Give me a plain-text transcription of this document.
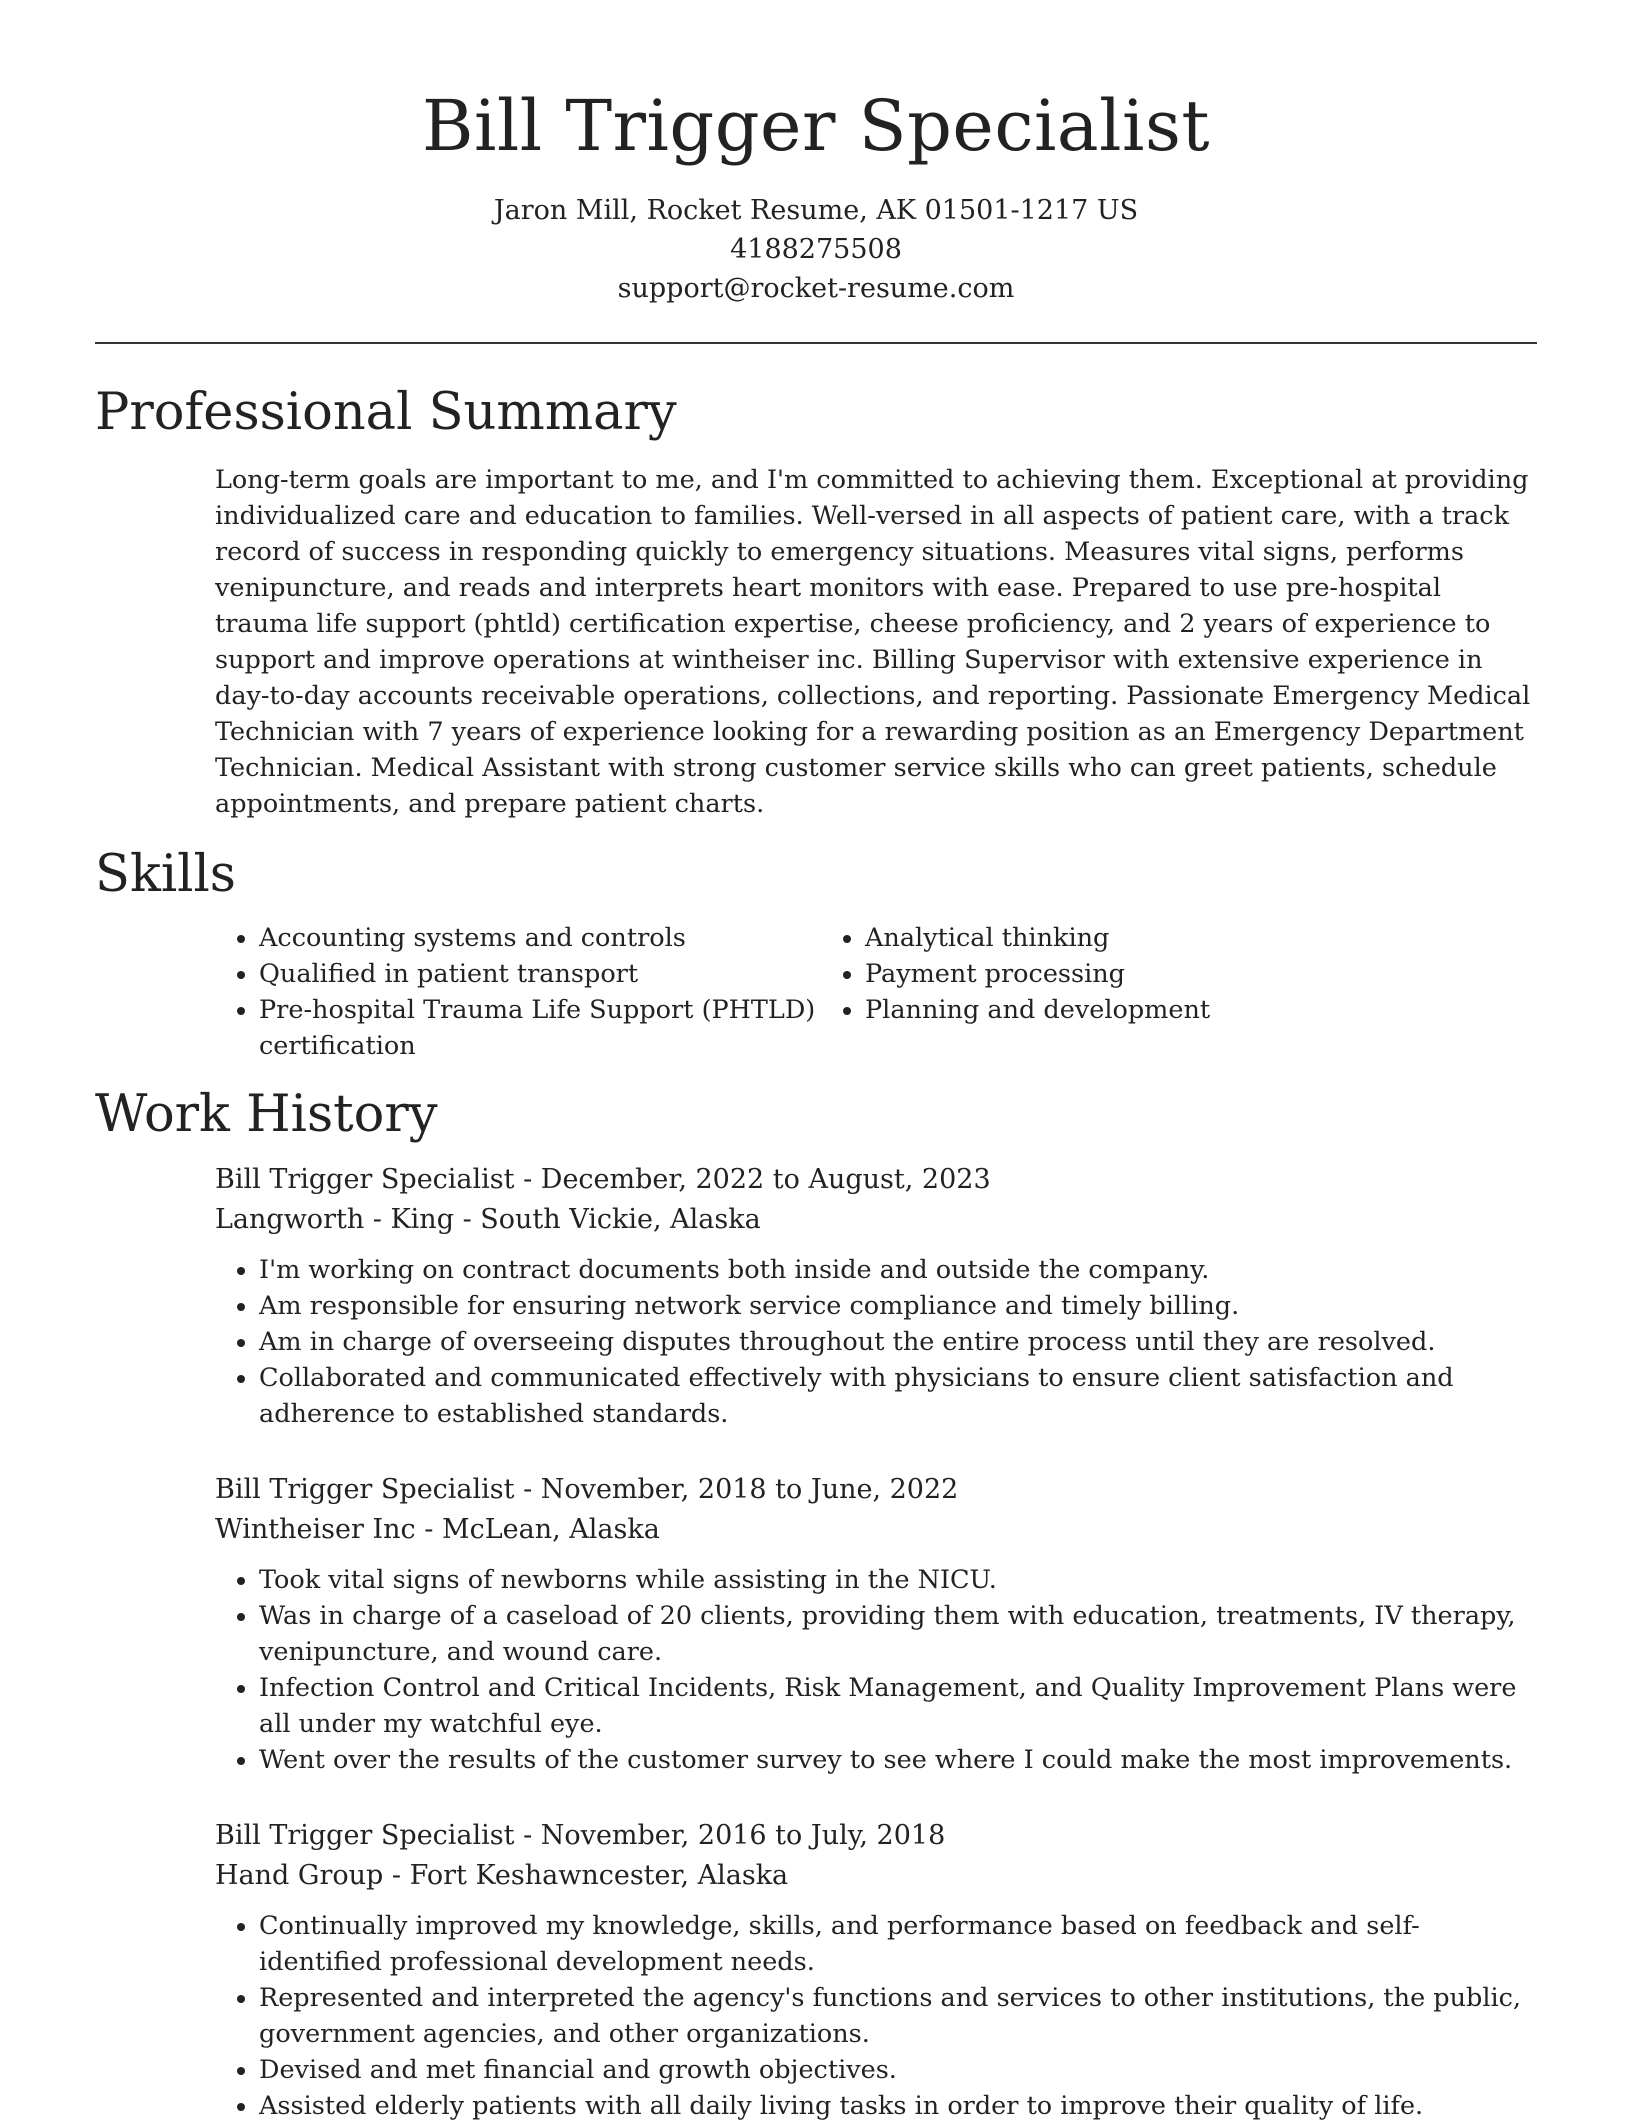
Bill Trigger Specialist
Jaron Mill, Rocket Resume, AK 01501-1217 US
4188275508
support@rocket-resume.com
Professional Summary
Long-term goals are important to me, and I'm committed to achieving them. Exceptional at providing individualized care and education to families. Well-versed in all aspects of patient care, with a track record of success in responding quickly to emergency situations. Measures vital signs, performs venipuncture, and reads and interprets heart monitors with ease. Prepared to use pre-hospital trauma life support (phtld) certification expertise, cheese proficiency, and 2 years of experience to support and improve operations at wintheiser inc. Billing Supervisor with extensive experience in day-to-day accounts receivable operations, collections, and reporting. Passionate Emergency Medical Technician with 7 years of experience looking for a rewarding position as an Emergency Department Technician. Medical Assistant with strong customer service skills who can greet patients, schedule appointments, and prepare patient charts.
Skills
• Accounting systems and controls
• Qualified in patient transport
• Pre-hospital Trauma Life Support (PHTLD) certification
• Analytical thinking
• Payment processing
• Planning and development
Work History
Bill Trigger Specialist - December, 2022 to August, 2023
Langworth - King - South Vickie, Alaska
• I'm working on contract documents both inside and outside the company.
• Am responsible for ensuring network service compliance and timely billing.
• Am in charge of overseeing disputes throughout the entire process until they are resolved.
• Collaborated and communicated effectively with physicians to ensure client satisfaction and adherence to established standards.
Bill Trigger Specialist - November, 2018 to June, 2022
Wintheiser Inc - McLean, Alaska
• Took vital signs of newborns while assisting in the NICU.
• Was in charge of a caseload of 20 clients, providing them with education, treatments, IV therapy, venipuncture, and wound care.
• Infection Control and Critical Incidents, Risk Management, and Quality Improvement Plans were all under my watchful eye.
• Went over the results of the customer survey to see where I could make the most improvements.
Bill Trigger Specialist - November, 2016 to July, 2018
Hand Group - Fort Keshawncester, Alaska
• Continually improved my knowledge, skills, and performance based on feedback and self-identified professional development needs.
• Represented and interpreted the agency's functions and services to other institutions, the public, government agencies, and other organizations.
• Devised and met financial and growth objectives.
• Assisted elderly patients with all daily living tasks in order to improve their quality of life.
